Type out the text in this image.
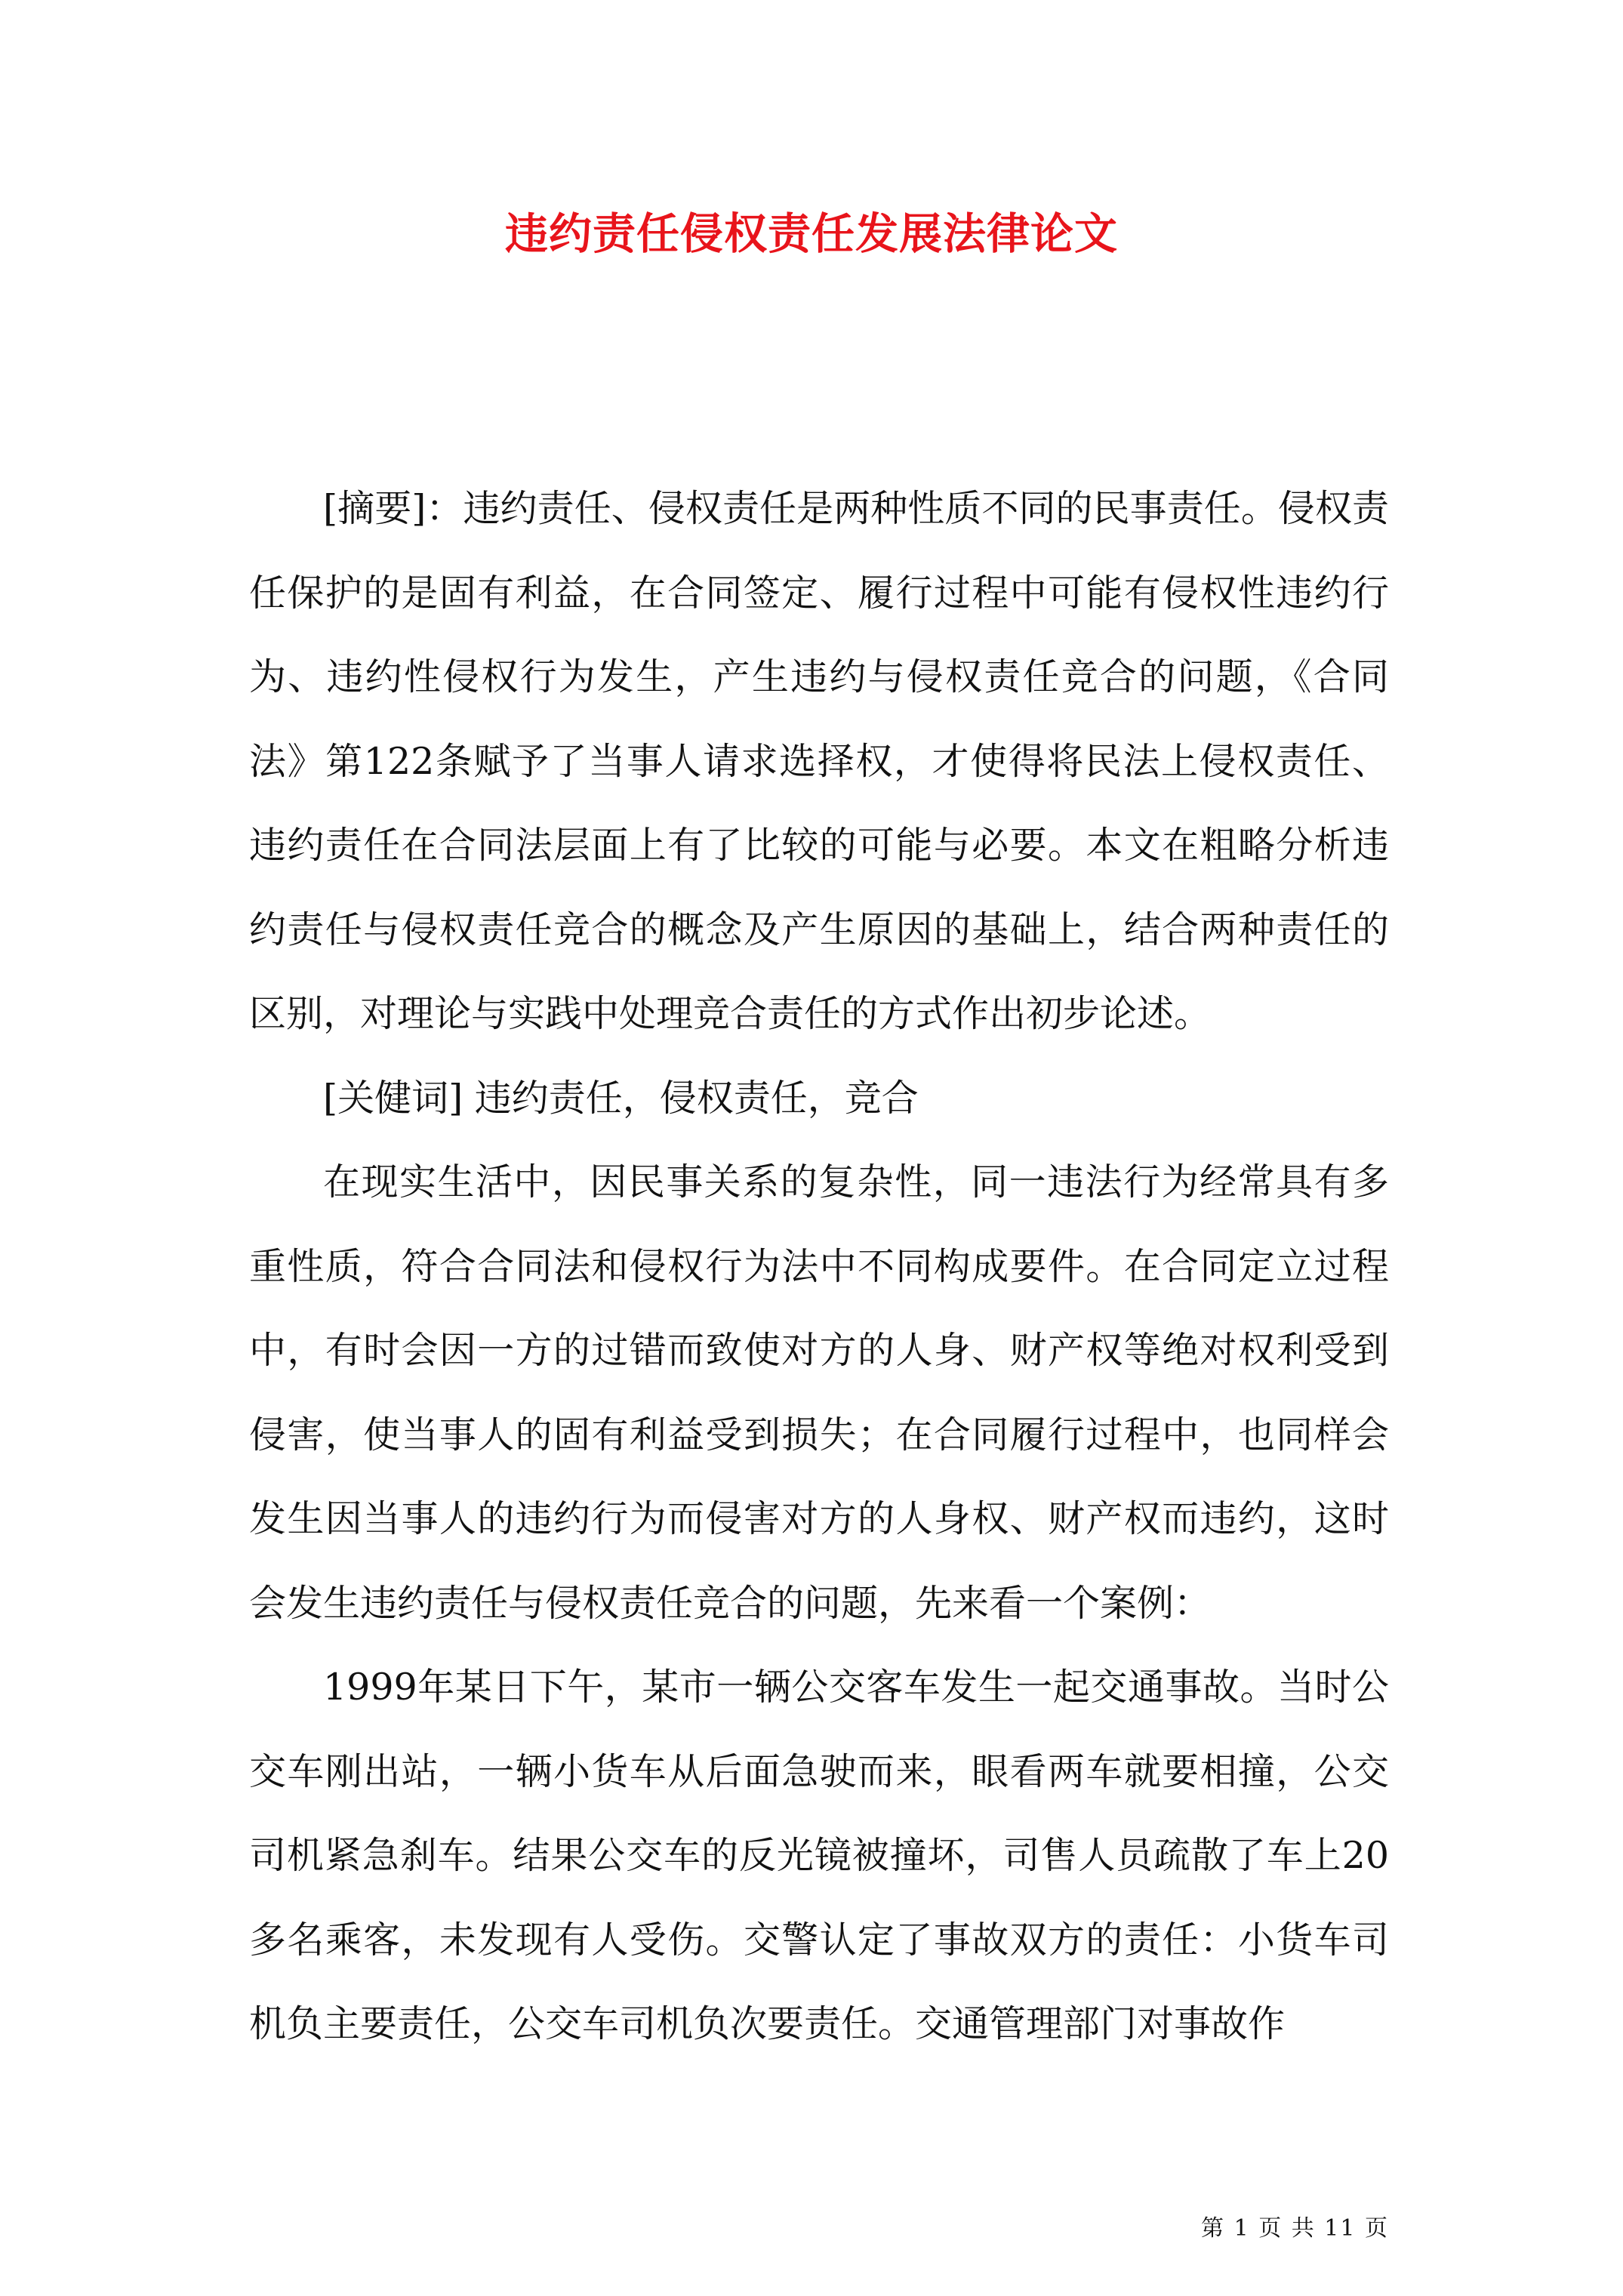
违约责任侵权责任发展法律论文

[摘要]：违约责任、侵权责任是两种性质不同的民事责任。侵权责任保护的是固有利益，在合同签定、履行过程中可能有侵权性违约行为、违约性侵权行为发生，产生违约与侵权责任竞合的问题，《合同法》第122条赋予了当事人请求选择权，才使得将民法上侵权责任、违约责任在合同法层面上有了比较的可能与必要。本文在粗略分析违约责任与侵权责任竞合的概念及产生原因的基础上，结合两种责任的区别，对理论与实践中处理竞合责任的方式作出初步论述。

[关健词] 违约责任，侵权责任，竞合

在现实生活中，因民事关系的复杂性，同一违法行为经常具有多重性质，符合合同法和侵权行为法中不同构成要件。在合同定立过程中，有时会因一方的过错而致使对方的人身、财产权等绝对权利受到侵害，使当事人的固有利益受到损失；在合同履行过程中，也同样会发生因当事人的违约行为而侵害对方的人身权、财产权而违约，这时会发生违约责任与侵权责任竞合的问题，先来看一个案例：

1999年某日下午，某市一辆公交客车发生一起交通事故。当时公交车刚出站，一辆小货车从后面急驶而来，眼看两车就要相撞，公交司机紧急刹车。结果公交车的反光镜被撞坏，司售人员疏散了车上20多名乘客，未发现有人受伤。交警认定了事故双方的责任：小货车司机负主要责任，公交车司机负次要责任。交通管理部门对事故作

第 1 页 共 11 页
